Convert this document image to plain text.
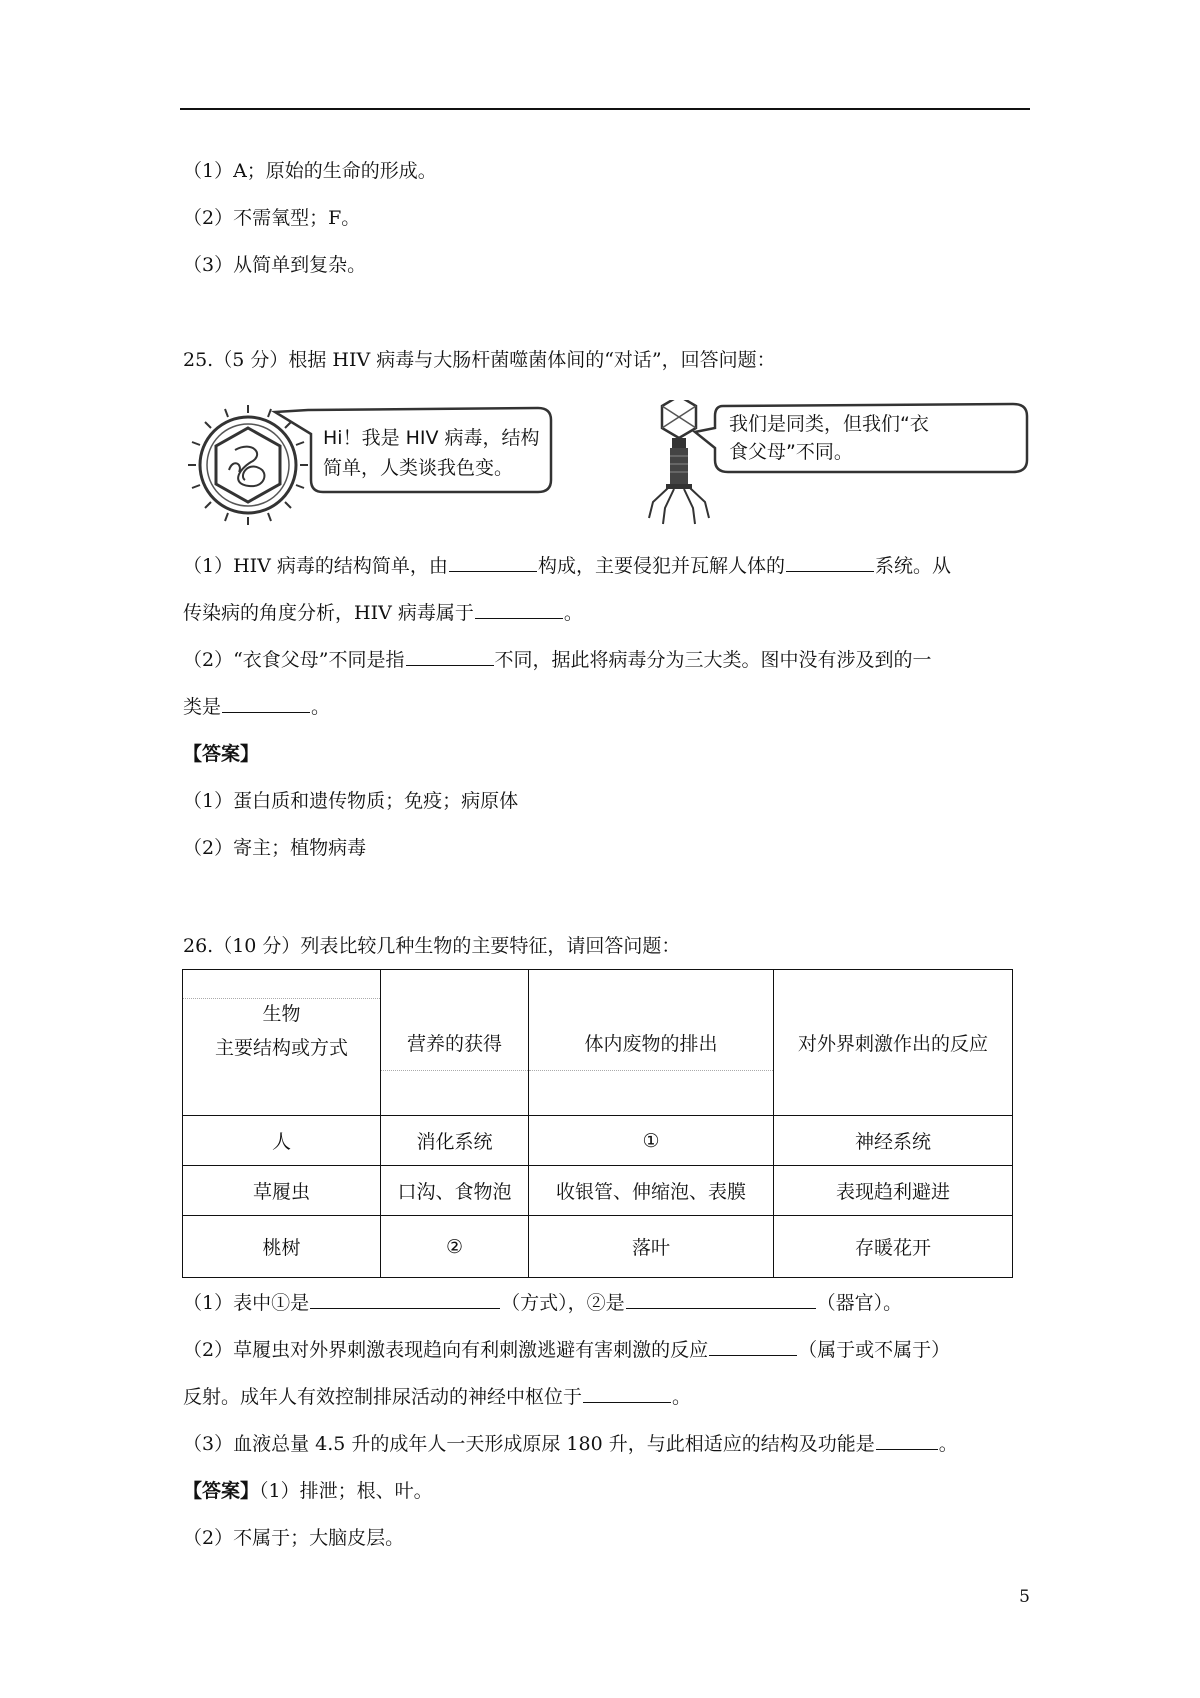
（1）A；原始的生命的形成。
（2）不需氧型；F。
（3）从简单到复杂。
25.（5 分）根据 HIV 病毒与大肠杆菌噬菌体间的“对话”，回答问题：
Hi！我是 HIV 病毒，结构
简单，人类谈我色变。
我们是同类，但我们“衣
食父母”不同。
（1）HIV 病毒的结构简单，由	构成，主要侵犯并瓦解人体的	系统。从
传染病的角度分析，HIV 病毒属于	。
（2）“衣食父母”不同是指	不同，据此将病毒分为三大类。图中没有涉及到的一
类是	。
【答案】
（1）蛋白质和遗传物质；免疫；病原体
（2）寄主；植物病毒
26.（10 分）列表比较几种生物的主要特征，请回答问题：
生物
主要结构或方式	营养的获得	体内废物的排出	对外界刺激作出的反应
人	消化系统	①	神经系统
草履虫	口沟、食物泡	收银管、伸缩泡、表膜	表现趋利避进
桃树	②	落叶	存暖花开
（1）表中①是	（方式），②是	（器官）。
（2）草履虫对外界刺激表现趋向有利刺激逃避有害刺激的反应	（属于或不属于）
反射。成年人有效控制排尿活动的神经中枢位于	。
（3）血液总量 4.5 升的成年人一天形成原尿 180 升，与此相适应的结构及功能是	。
【答案】（1）排泄；根、叶。
（2）不属于；大脑皮层。
5
